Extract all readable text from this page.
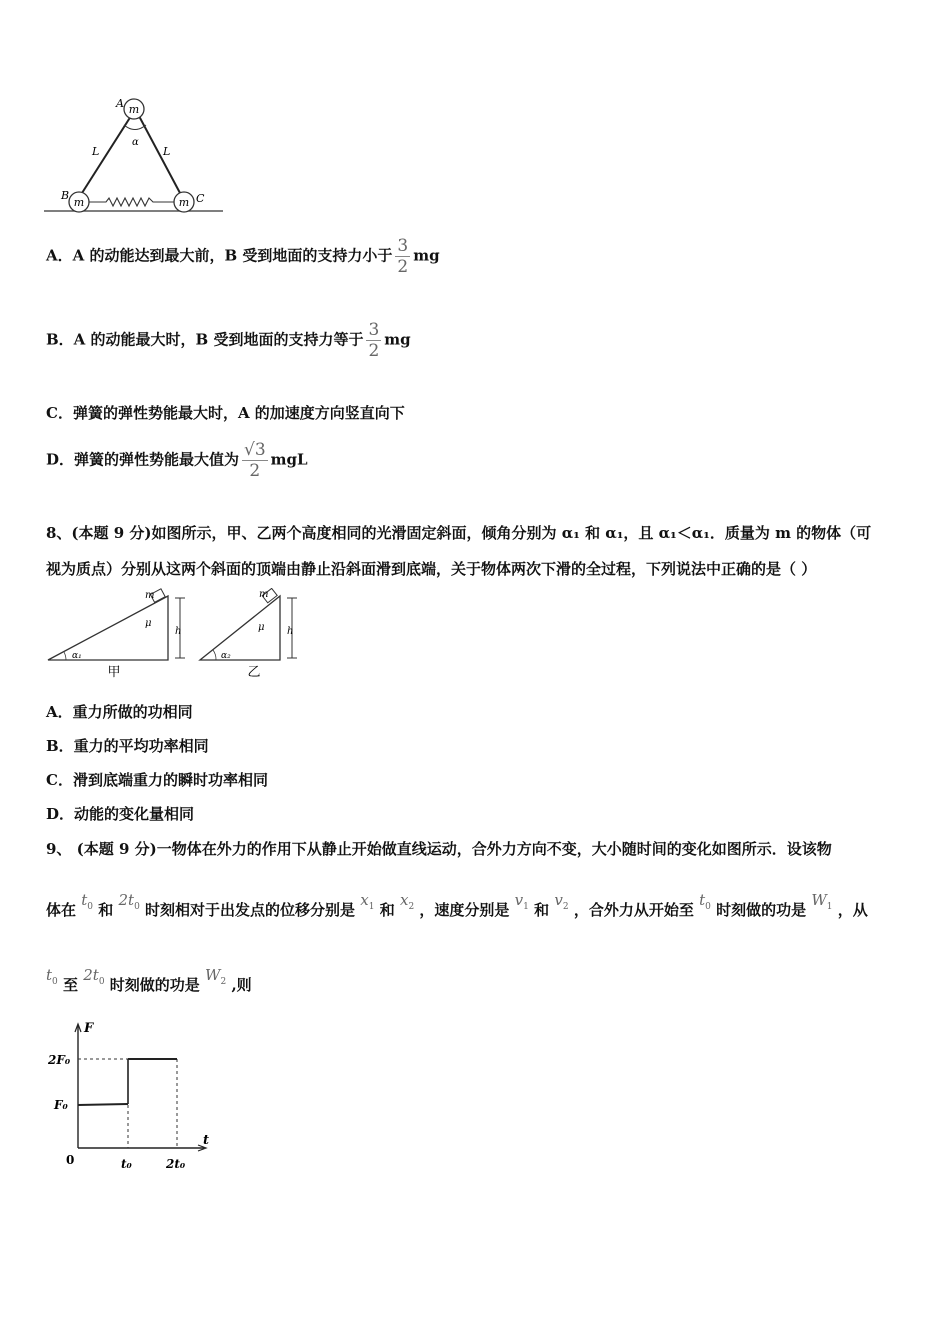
m
m	m
A
B	C
L	L
α
A．A 的动能达到最大前，B 受到地面的支持力小于 $\frac{3}{2}$ mg
B．A 的动能最大时，B 受到地面的支持力等于 $\frac{3}{2}$ mg
C．弹簧的弹性势能最大时，A 的加速度方向竖直向下
D．弹簧的弹性势能最大值为 $\frac{√3}{2}$ mgL
8、(本题 9 分)如图所示，甲、乙两个高度相同的光滑固定斜面，倾角分别为 α₁ 和 α₁，且 α₁＜α₁．质量为 m 的物体（可
视为质点）分别从这两个斜面的顶端由静止沿斜面滑到底端，关于物体两次下滑的全过程，下列说法中正确的是（ ）
m
μ
h
α₁
甲
m
μ h
α₂
乙
A．重力所做的功相同
B．重力的平均功率相同
C．滑到底端重力的瞬时功率相同
D．动能的变化量相同
9、 (本题 9 分)一物体在外力的作用下从静止开始做直线运动，合外力方向不变，大小随时间的变化如图所示．设该物
体在 $t_0$ 和 $2t_0$ 时刻相对于出发点的位移分别是 $x_1$ 和 $x_2$ ，速度分别是 $v_1$ 和 $v_2$ ，合外力从开始至 $t_0$ 时刻做的功是 $W_1$ ，从
$t_0$ 至 $2t_0$ 时刻做的功是 $W_2$ ,则
F
t
2F₀
F₀
0	t₀	2t₀
